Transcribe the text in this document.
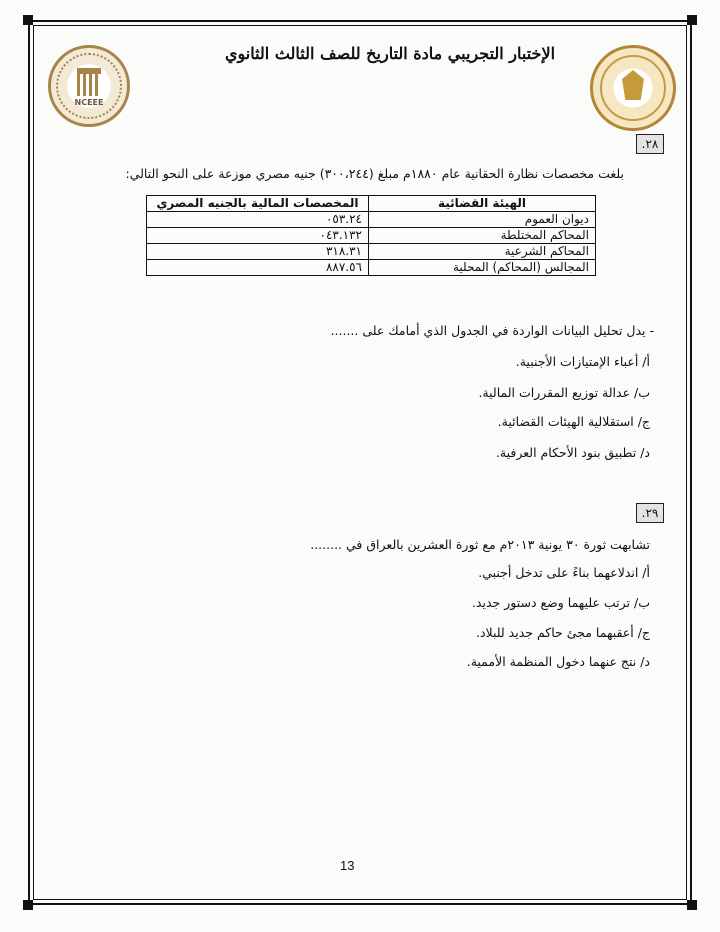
NCEEE
الإختبار التجريبي مادة التاريخ للصف الثالث الثانوي
٢٨.
بلغت مخصصات نظارة الحقانية عام ١٨٨٠م مبلغ (٣٠٠،٢٤٤) جنيه مصري موزعة على النحو التالي:
الهيئة القضائية	المخصصات المالية بالجنيه المصري
ديوان العموم	٠٥٣.٢٤
المحاكم المختلطة	٠٤٣.١٣٢
المحاكم الشرعية	٣١٨.٣١
المجالس (المحاكم) المحلية	٨٨٧.٥٦
- يدل تحليل البيانات الواردة في الجدول الذي أمامك على .......
أ/ أعباء الإمتيازات الأجنبية.
ب/ عدالة توزيع المقررات المالية.
ج/ استقلالية الهيئات القضائية.
د/ تطبيق بنود الأحكام العرفية.
٢٩.
تشابهت ثورة ٣٠ يونية ٢٠١٣م مع ثورة العشرين بالعراق في ........
أ/ اندلاعهما بناءً على تدخل أجنبي.
ب/ ترتب عليهما وضع دستور جديد.
ج/ أعقبهما مجئ حاكم جديد للبلاد.
د/ نتج عنهما دخول المنظمة الأممية.
13
